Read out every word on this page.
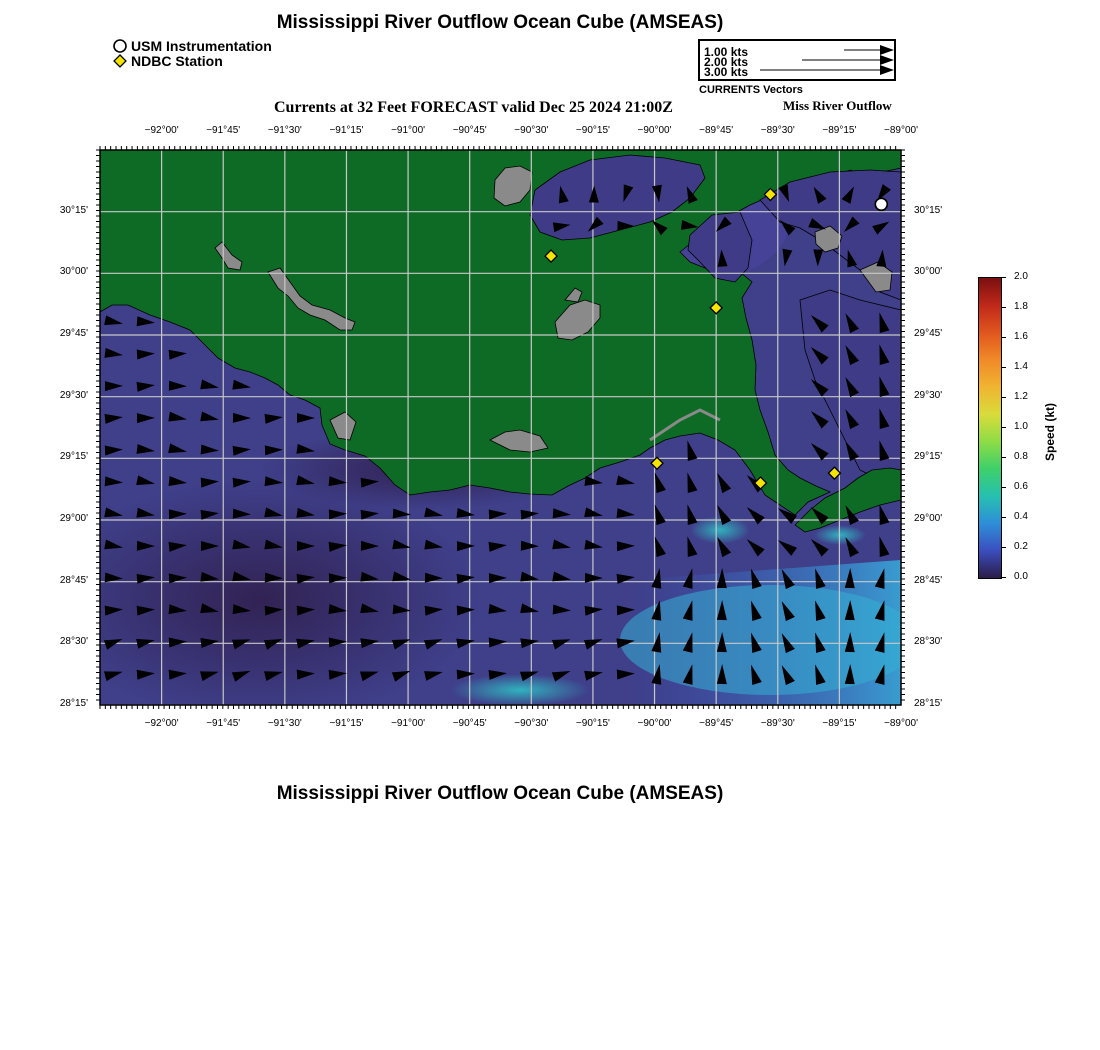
Mississippi River Outflow Ocean Cube (AMSEAS)
USM Instrumentation
NDBC Station
1.00 kts
2.00 kts
3.00 kts
CURRENTS Vectors
Currents at 32 Feet FORECAST valid Dec 25 2024 21:00Z	Miss River Outflow
−92°00'	−91°45'	−91°30'	−91°15'	−91°00'	−90°45'	−90°30'	−90°15'	−90°00'	−89°45'	−89°30'	−89°15'	−89°00'
−92°00'	−91°45'	−91°30'	−91°15'	−91°00'	−90°45'	−90°30'	−90°15'	−90°00'	−89°45'	−89°30'	−89°15'	−89°00'
30°15'
30°00'
29°45'
29°30'
29°15'
29°00'
28°45'
28°30'
28°15'
30°15'
30°00'
29°45'
29°30'
29°15'
29°00'
28°45'
28°30'
28°15'
2.0
1.8
1.6
1.4
1.2
1.0
0.8
0.6
0.4
0.2
0.0
Speed (kt)
Mississippi River Outflow Ocean Cube (AMSEAS)
